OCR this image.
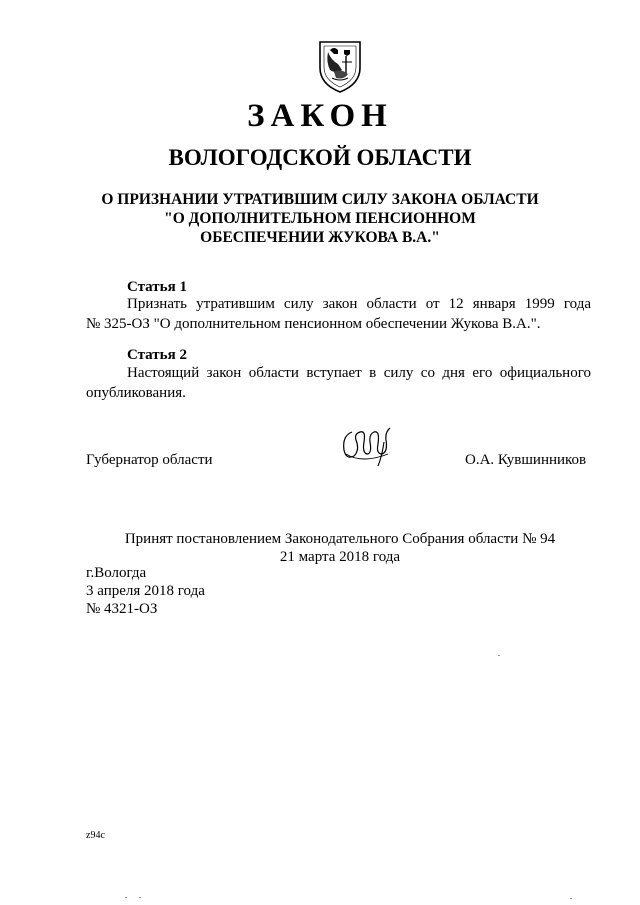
ЗАКОН
ВОЛОГОДСКОЙ ОБЛАСТИ
О ПРИЗНАНИИ УТРАТИВШИМ СИЛУ ЗАКОНА ОБЛАСТИ
"О ДОПОЛНИТЕЛЬНОМ ПЕНСИОННОМ
ОБЕСПЕЧЕНИИ ЖУКОВА В.А."
Статья 1
Признать утратившим силу закон области от 12 января 1999 года
№ 325-ОЗ "О дополнительном пенсионном обеспечении Жукова В.А.".
Статья 2
Настоящий закон области вступает в силу со дня его официального
опубликования.
Губернатор области	О.А. Кувшинников
Принят постановлением Законодательного Собрания области № 94
21 марта 2018 года
г.Вологда
3 апреля 2018 года
№ 4321-ОЗ
z94c
